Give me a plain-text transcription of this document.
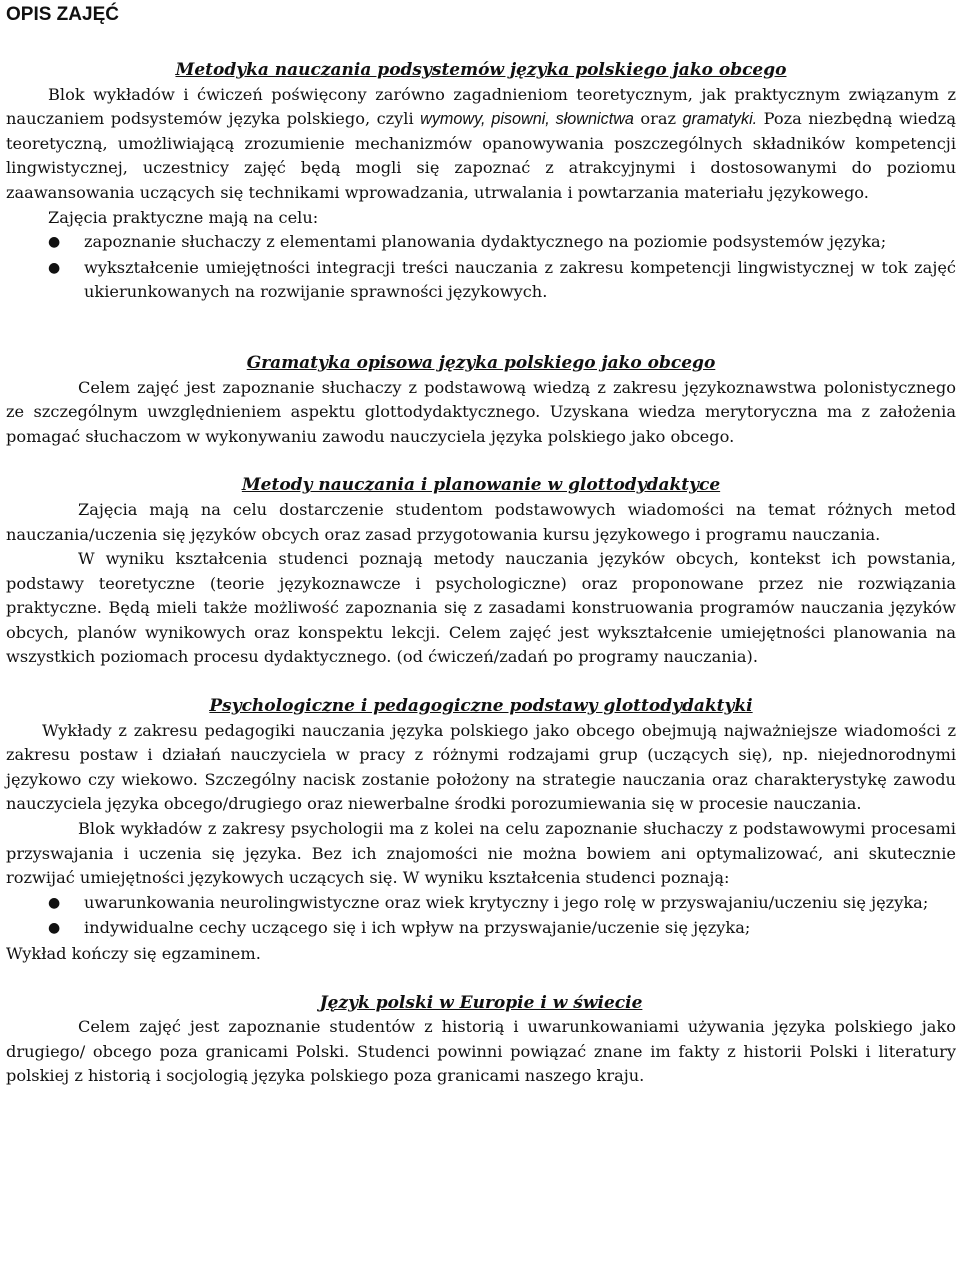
OPIS ZAJĘĆ
Metodyka nauczania podsystemów języka polskiego jako obcego

Blok wykładów i ćwiczeń poświęcony zarówno zagadnieniom teoretycznym, jak praktycznym związanym z nauczaniem podsystemów języka polskiego, czyli wymowy, pisowni, słownictwa oraz gramatyki. Poza niezbędną wiedzą teoretyczną, umożliwiającą zrozumienie mechanizmów opanowywania poszczególnych składników kompetencji lingwistycznej, uczestnicy zajęć będą mogli się zapoznać z atrakcyjnymi i dostosowanymi do poziomu zaawansowania uczących się technikami wprowadzania, utrwalania i powtarzania materiału językowego.

Zajęcia praktyczne mają na celu:

● zapoznanie słuchaczy z elementami planowania dydaktycznego na poziomie podsystemów języka;
● wykształcenie umiejętności integracji treści nauczania z zakresu kompetencji lingwistycznej w tok zajęć ukierunkowanych na rozwijanie sprawności językowych.
Gramatyka opisowa języka polskiego jako obcego

Celem zajęć jest zapoznanie słuchaczy z podstawową wiedzą z zakresu językoznawstwa polonistycznego ze szczególnym uwzględnieniem aspektu glottodydaktycznego. Uzyskana wiedza merytoryczna ma z założenia pomagać słuchaczom w wykonywaniu zawodu nauczyciela języka polskiego jako obcego.

Metody nauczania i planowanie w glottodydaktyce

Zajęcia mają na celu dostarczenie studentom podstawowych wiadomości na temat różnych metod nauczania/uczenia się języków obcych oraz zasad przygotowania kursu językowego i programu nauczania.

W wyniku kształcenia studenci poznają metody nauczania języków obcych, kontekst ich powstania, podstawy teoretyczne (teorie językoznawcze i psychologiczne) oraz proponowane przez nie rozwiązania praktyczne. Będą mieli także możliwość zapoznania się z zasadami konstruowania programów nauczania języków obcych, planów wynikowych oraz konspektu lekcji. Celem zajęć jest wykształcenie umiejętności planowania na wszystkich poziomach procesu dydaktycznego. (od ćwiczeń/zadań po programy nauczania).

Psychologiczne i pedagogiczne podstawy glottodydaktyki

Wykłady z zakresu pedagogiki nauczania języka polskiego jako obcego obejmują najważniejsze wiadomości z zakresu postaw i działań nauczyciela w pracy z różnymi rodzajami grup (uczących się), np. niejednorodnymi językowo czy wiekowo. Szczególny nacisk zostanie położony na strategie nauczania oraz charakterystykę zawodu nauczyciela języka obcego/drugiego oraz niewerbalne środki porozumiewania się w procesie nauczania.

Blok wykładów z zakresy psychologii ma z kolei na celu zapoznanie słuchaczy z podstawowymi procesami przyswajania i uczenia się języka. Bez ich znajomości nie można bowiem ani optymalizować, ani skutecznie rozwijać umiejętności językowych uczących się. W wyniku kształcenia studenci poznają:

● uwarunkowania neurolingwistyczne oraz wiek krytyczny i jego rolę w przyswajaniu/uczeniu się języka;
● indywidualne cechy uczącego się i ich wpływ na przyswajanie/uczenie się języka;

Wykład kończy się egzaminem.

Język polski w Europie i w świecie

Celem zajęć jest zapoznanie studentów z historią i uwarunkowaniami używania języka polskiego jako drugiego/ obcego poza granicami Polski. Studenci powinni powiązać znane im fakty z historii Polski i literatury polskiej z historią i socjologią języka polskiego poza granicami naszego kraju.
